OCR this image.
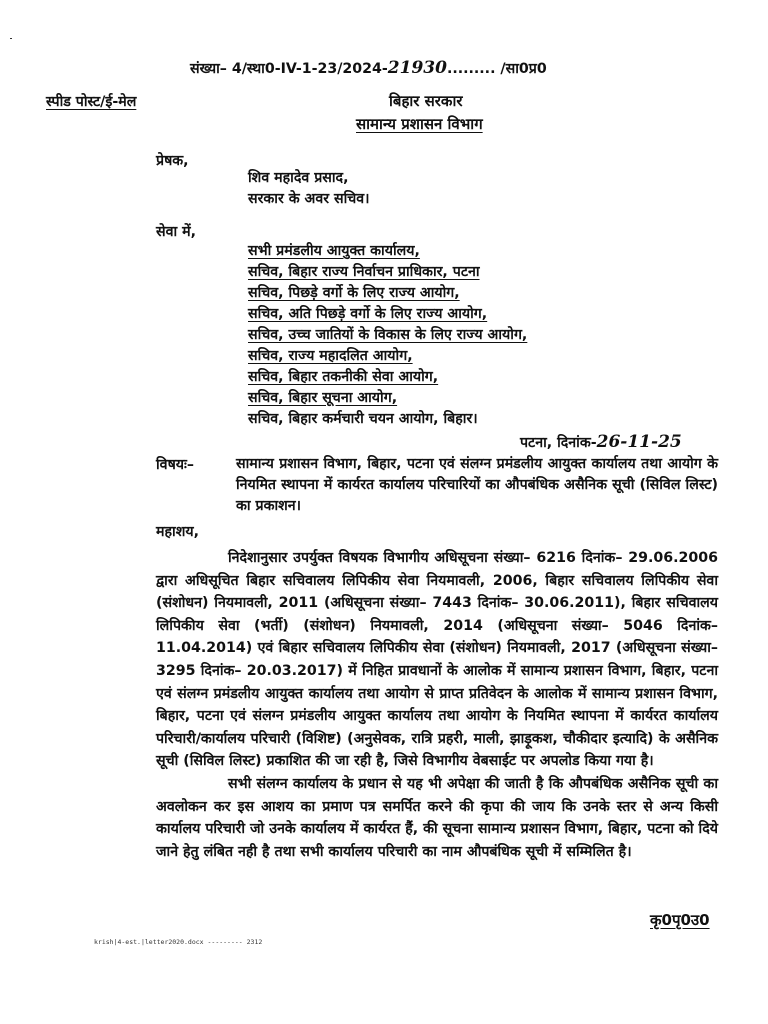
संख्या– 4/स्था0-IV-1-23/2024-21930......... /सा0प्र0
स्पीड पोस्ट/ई-मेल	बिहार सरकार
सामान्य प्रशासन विभाग
प्रेषक,
शिव महादेव प्रसाद,
सरकार के अवर सचिव।
सेवा में,
सभी प्रमंडलीय आयुक्त कार्यालय,
सचिव, बिहार राज्य निर्वाचन प्राधिकार, पटना
सचिव, पिछड़े वर्गो के लिए राज्य आयोग,
सचिव, अति पिछड़े वर्गो के लिए राज्य आयोग,
सचिव, उच्च जातियों के विकास के लिए राज्य आयोग,
सचिव, राज्य महादलित आयोग,
सचिव, बिहार तकनीकी सेवा आयोग,
सचिव, बिहार सूचना आयोग,
सचिव, बिहार कर्मचारी चयन आयोग, बिहार।
पटना, दिनांक-26-11-25
विषयः–	सामान्य प्रशासन विभाग, बिहार, पटना एवं संलग्न प्रमंडलीय आयुक्त कार्यालय तथा आयोग के नियमित स्थापना में कार्यरत कार्यालय परिचारियों का औपबंधिक असैनिक सूची (सिविल लिस्ट) का प्रकाशन।
महाशय,

निदेशानुसार उपर्युक्त विषयक विभागीय अधिसूचना संख्या– 6216 दिनांक– 29.06.2006 द्वारा अधिसूचित बिहार सचिवालय लिपिकीय सेवा नियमावली, 2006, बिहार सचिवालय लिपिकीय सेवा (संशोधन) नियमावली, 2011 (अधिसूचना संख्या– 7443 दिनांक– 30.06.2011), बिहार सचिवालय लिपिकीय सेवा (भर्ती) (संशोधन) नियमावली, 2014 (अधिसूचना संख्या– 5046 दिनांक– 11.04.2014) एवं बिहार सचिवालय लिपिकीय सेवा (संशोधन) नियमावली, 2017 (अधिसूचना संख्या– 3295 दिनांक– 20.03.2017) में निहित प्रावधानों के आलोक में सामान्य प्रशासन विभाग, बिहार, पटना एवं संलग्न प्रमंडलीय आयुक्त कार्यालय तथा आयोग से प्राप्त प्रतिवेदन के आलोक में सामान्य प्रशासन विभाग, बिहार, पटना एवं संलग्न प्रमंडलीय आयुक्त कार्यालय तथा आयोग के नियमित स्थापना में कार्यरत कार्यालय परिचारी/कार्यालय परिचारी (विशिष्ट) (अनुसेवक, रात्रि प्रहरी, माली, झाड़ूकश, चौकीदार इत्यादि) के असैनिक सूची (सिविल लिस्ट) प्रकाशित की जा रही है, जिसे विभागीय वेबसाईट पर अपलोड किया गया है।

सभी संलग्न कार्यालय के प्रधान से यह भी अपेक्षा की जाती है कि औपबंधिक असैनिक सूची का अवलोकन कर इस आशय का प्रमाण पत्र समर्पित करने की कृपा की जाय कि उनके स्तर से अन्य किसी कार्यालय परिचारी जो उनके कार्यालय में कार्यरत हैं, की सूचना सामान्य प्रशासन विभाग, बिहार, पटना को दिये जाने हेतु लंबित नही है तथा सभी कार्यालय परिचारी का नाम औपबंधिक सूची में सम्मिलित है।

कृ0पृ0उ0
krish|4-est.|letter2020.docx --------- 2312
